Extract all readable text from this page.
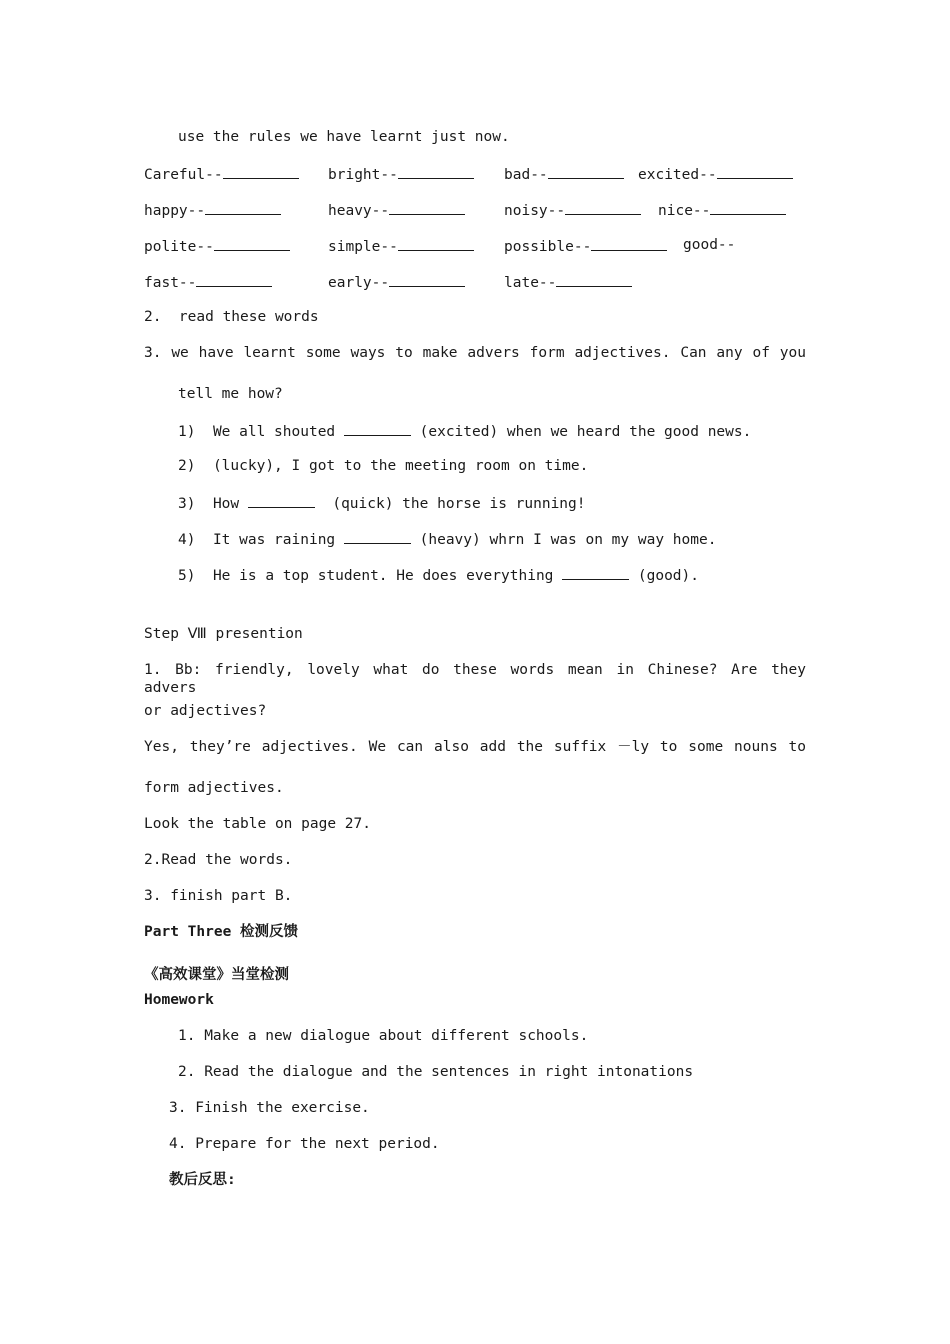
use the rules we have learnt just now.
Careful--	bright--	bad--	excited--
happy--	heavy--	noisy--	nice--
polite--	simple--	possible--	good--
fast--	early--	late--
2.  read these words
3. we have learnt some ways to make advers form adjectives. Can any of you
tell me how?
1) We all shouted	(excited) when we heard the good news.
2) (lucky), I got to the meeting room on time.
3) How	(quick) the horse is running!
4) It was raining	(heavy) whrn I was on my way home.
5) He is a top student. He does everything	(good).
Step Ⅷ presention
1. Bb: friendly, lovely what do these words mean in Chinese? Are they advers
or adjectives?
Yes, they’re adjectives. We can also add the suffix －ly to some nouns to
form adjectives.
Look the table on page 27.
2.Read the words.
3. finish part B.
Part Three 检测反馈
《高效课堂》当堂检测
Homework
1. Make a new dialogue about different schools.
2. Read the dialogue and the sentences in right intonations
3. Finish the exercise.
4. Prepare for the next period.
教后反思:
